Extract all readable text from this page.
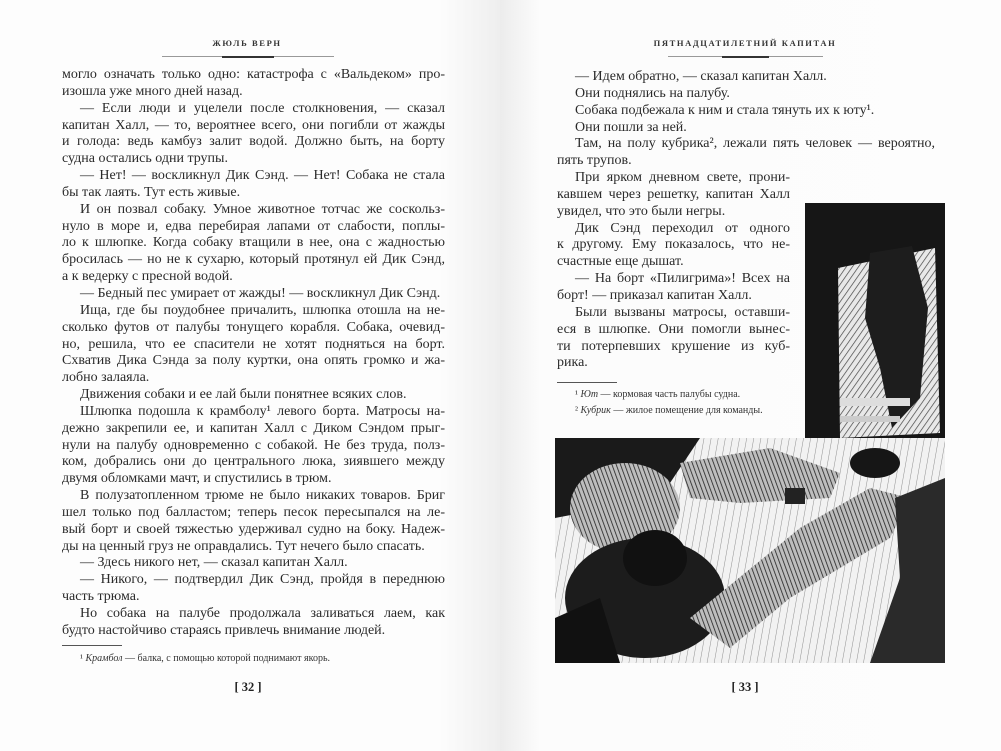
ЖЮЛЬ ВЕРН
могло означать только одно: катастрофа с «Вальдеком» про-
изошла уже много дней назад.
— Если люди и уцелели после столкновения, — сказал
капитан Халл, — то, вероятнее всего, они погибли от жажды
и голода: ведь камбуз залит водой. Должно быть, на борту
судна остались одни трупы.
— Нет! — воскликнул Дик Сэнд. — Нет! Собака не стала
бы так лаять. Тут есть живые.
И он позвал собаку. Умное животное тотчас же соскольз-
нуло в море и, едва перебирая лапами от слабости, поплы-
ло к шлюпке. Когда собаку втащили в нее, она с жадностью
бросилась — но не к сухарю, который протянул ей Дик Сэнд,
а к ведерку с пресной водой.
— Бедный пес умирает от жажды! — воскликнул Дик Сэнд.
Ища, где бы поудобнее причалить, шлюпка отошла на не-
сколько футов от палубы тонущего корабля. Собака, очевид-
но, решила, что ее спасители не хотят подняться на борт.
Схватив Дика Сэнда за полу куртки, она опять громко и жа-
лобно залаяла.
Движения собаки и ее лай были понятнее всяких слов.
Шлюпка подошла к крамболу¹ левого борта. Матросы на-
дежно закрепили ее, и капитан Халл с Диком Сэндом прыг-
нули на палубу одновременно с собакой. Не без труда, полз-
ком, добрались они до центрального люка, зиявшего между
двумя обломками мачт, и спустились в трюм.
В полузатопленном трюме не было никаких товаров. Бриг
шел только под балластом; теперь песок пересыпался на ле-
вый борт и своей тяжестью удерживал судно на боку. Надеж-
ды на ценный груз не оправдались. Тут нечего было спасать.
— Здесь никого нет, — сказал капитан Халл.
— Никого, — подтвердил Дик Сэнд, пройдя в переднюю
часть трюма.
Но собака на палубе продолжала заливаться лаем, как
будто настойчиво стараясь привлечь внимание людей.
¹ Крамбол — балка, с помощью которой поднимают якорь.
[ 32 ]
ПЯТНАДЦАТИЛЕТНИЙ КАПИТАН
— Идем обратно, — сказал капитан Халл.
Они поднялись на палубу.
Собака подбежала к ним и стала тянуть их к юту¹.
Они пошли за ней.
Там, на полу кубрика², лежали пять человек — вероятно,
пять трупов.
При ярком дневном свете, прони-
кавшем через решетку, капитан Халл
увидел, что это были негры.
Дик Сэнд переходил от одного
к другому. Ему показалось, что не-
счастные еще дышат.
— На борт «Пилигрима»! Всех на
борт! — приказал капитан Халл.
Были вызваны матросы, оставши-
еся в шлюпке. Они помогли вынес-
ти потерпевших крушение из куб-
рика.
¹ Ют — кормовая часть палубы судна.
² Кубрик — жилое помещение для команды.
[ 33 ]
